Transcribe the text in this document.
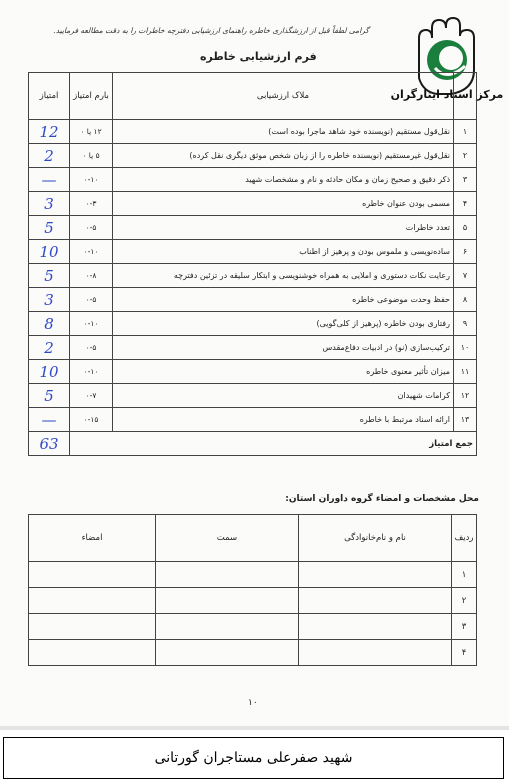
مرکز اسناد ایثارگران
گرامی لطفاً قبل از ارزشگذاری خاطره راهنمای ارزشیابی دفترچه خاطرات را به دقت مطالعه فرمایید.
فرم ارزشیابی خاطره
	ملاک ارزشیابی	بارم امتیاز	امتیاز
۱	نقل‌قول مستقیم (نویسنده خود شاهد ماجرا بوده است)	۱۲ یا ۰	12
۲	نقل‌قول غیرمستقیم (نویسنده خاطره را از زبان شخص موثق دیگری نقل کرده)	۵ یا ۰	2
۳	ذکر دقیق و صحیح زمان و مکان حادثه و نام و مشخصات شهید	۰-۱۰	—
۴	مسمی بودن عنوان خاطره	۰-۳	3
۵	تعدد خاطرات	۰-۵	5
۶	ساده‌نویسی و ملموس بودن و پرهیز از اطناب	۰-۱۰	10
۷	رعایت نکات دستوری و املایی به همراه خوشنویسی و ابتکار سلیقه در تزئین دفترچه	۰-۸	5
۸	حفظ وحدت موضوعی خاطره	۰-۵	3
۹	رفتاری بودن خاطره (پرهیز از کلی‌گویی)	۰-۱۰	8
۱۰	ترکیب‌سازی (نو) در ادبیات دفاع‌مقدس	۰-۵	2
۱۱	میزان تأثیر معنوی خاطره	۰-۱۰	10
۱۲	کرامات شهیدان	۰-۷	5
۱۳	ارائه اسناد مرتبط با خاطره	۰-۱۵	—
جمع امتیاز			63
محل مشخصات و امضاء گروه داوران استان:
ردیف	نام و نام‌خانوادگی	سمت	امضاء
۱			
۲			
۳			
۴			
۱۰
شهید صفرعلی مستاجران گورتانی
